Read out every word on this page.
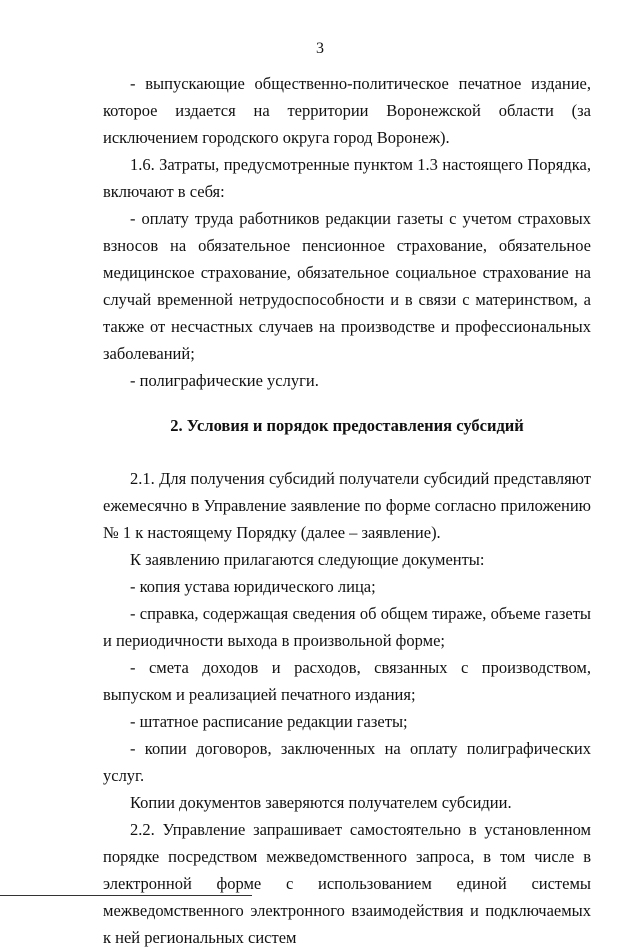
3

- выпускающие общественно-политическое печатное издание, которое издается на территории Воронежской области (за исключением городского округа город Воронеж).

1.6. Затраты, предусмотренные пунктом 1.3 настоящего Порядка, включают в себя:

- оплату труда работников редакции газеты с учетом страховых взносов на обязательное пенсионное страхование, обязательное медицинское страхование, обязательное социальное страхование на случай временной нетрудоспособности и в связи с материнством, а также от несчастных случаев на производстве и профессиональных заболеваний;

- полиграфические услуги.

2. Условия и порядок предоставления субсидий

2.1. Для получения субсидий получатели субсидий представляют ежемесячно в Управление заявление по форме согласно приложению № 1 к настоящему Порядку (далее – заявление).

К заявлению прилагаются следующие документы:

- копия устава юридического лица;

- справка, содержащая сведения об общем тираже, объеме газеты и периодичности выхода в произвольной форме;

- смета доходов и расходов, связанных с производством, выпуском и реализацией печатного издания;

- штатное расписание редакции газеты;

- копии договоров, заключенных на оплату полиграфических услуг.

Копии документов заверяются получателем субсидии.

2.2. Управление запрашивает самостоятельно в установленном порядке посредством межведомственного запроса, в том числе в электронной форме с использованием единой системы межведомственного электронного взаимодействия и подключаемых к ней региональных систем
